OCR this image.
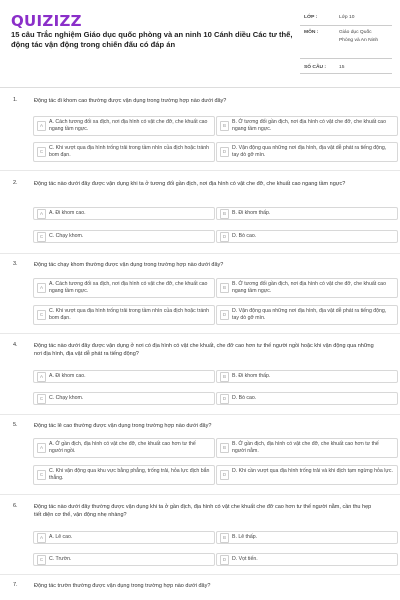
QUIZIZZ
15 câu Trắc nghiệm Giáo dục quốc phòng và an ninh 10 Cánh diều Các tư thế, động tác vận động trong chiến đấu có đáp án
LỚP :	Lớp 10
MÔN :	Giáo dục Quốc Phòng và An Ninh
SỐ CÂU :	15
1.	Động tác đi khom cao thường được vận dụng trong trường hợp nào dưới đây?
A
A. Cách tương đối xa địch, nơi địa hình có vật che đỡ, che khuất cao ngang tầm ngực.
B
B. Ở tương đối gần địch, nơi địa hình có vật che đỡ, che khuất cao ngang tầm ngực.
C
C. Khi vượt qua địa hình trống trải trong tầm nhìn của địch hoặc tránh bom đạn.
D
D. Vận động qua những nơi địa hình, địa vật dễ phát ra tiếng động, tay dò gỡ mìn.
2.	Động tác nào dưới đây được vận dụng khi ta ở tương đối gần địch, nơi địa hình có vật che đỡ, che khuất cao ngang tầm ngực?
A	A. Đi khom cao.	B	B. Đi khom thấp.
C	C. Chạy khom.	D	D. Bò cao.
3.	Động tác chạy khom thường được vận dụng trong trường hợp nào dưới đây?
A
A. Cách tương đối xa địch, nơi địa hình có vật che đỡ, che khuất cao ngang tầm ngực.
B
B. Ở tương đối gần địch, nơi địa hình có vật che đỡ, che khuất cao ngang tầm ngực.
C
C. Khi vượt qua địa hình trống trải trong tầm nhìn của địch hoặc tránh bom đạn.
D
D. Vận động qua những nơi địa hình, địa vật dễ phát ra tiếng động, tay dò gỡ mìn.
4.	Động tác nào dưới đây được vận dụng ở nơi có địa hình có vật che khuất, che đỡ cao hơn tư thế người ngồi hoặc khi vận động qua những nơi địa hình, địa vật dễ phát ra tiếng động?
A	A. Đi khom cao.	B	B. Đi khom thấp.
C	C. Chạy khom.	D	D. Bò cao.
5.	Động tác lê cao thường được vận dụng trong trường hợp nào dưới đây?
A
A. Ở gần địch, địa hình có vật che đỡ, che khuất cao hơn tư thế người ngồi.
B
B. Ở gần địch, địa hình có vật che đỡ, che khuất cao hơn tư thế người nằm.
C
C. Khi vận động qua khu vực bằng phẳng, trống trải, hỏa lực địch bắn thẳng.
D
D. Khi cần vượt qua địa hình trống trải và khi địch tạm ngừng hỏa lực.
6.	Động tác nào dưới đây thường được vận dụng khi ta ở gần địch, địa hình có vật che khuất che đỡ cao hơn tư thế người nằm, cần thu hẹp tiết diện cơ thể, vận động nhẹ nhàng?
A	A. Lê cao.	B	B. Lê thấp.
C	C. Trườn.	D	D. Vọt tiến.
7.	Động tác trườn thường được vận dụng trong trường hợp nào dưới đây?
